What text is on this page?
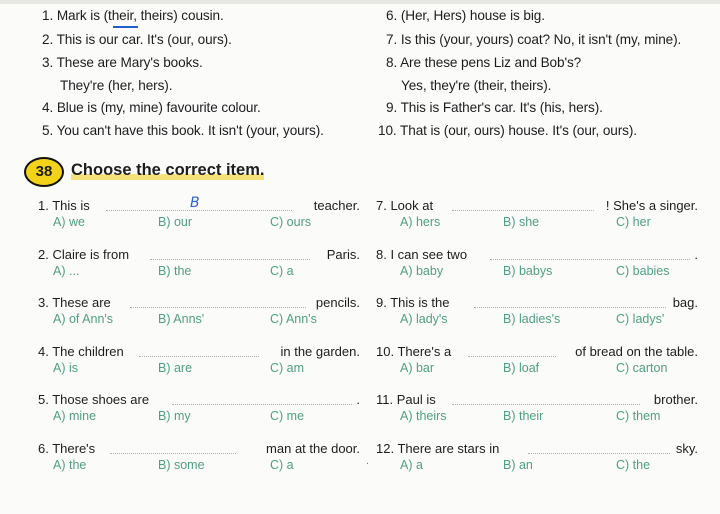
1. Mark is (their, theirs) cousin.
2. This is our car. It's (our, ours).
3. These are Mary's books.
They're (her, hers).
4. Blue is (my, mine) favourite colour.
5. You can't have this book. It isn't (your, yours).
6. (Her, Hers) house is big.
7. Is this (your, yours) coat? No, it isn't (my, mine).
8. Are these pens Liz and Bob's?
Yes, they're (their, theirs).
9. This is Father's car. It's (his, hers).
10. That is (our, ours) house. It's (our, ours).
38	Choose the correct item.
1. This is	B	teacher.
A) we	B) our	C) ours
2. Claire is from	Paris.
A) ...	B) the	C) a
3. These are	pencils.
A) of Ann's	B) Anns'	C) Ann's
4. The children	in the garden.
A) is	B) are	C) am
5. Those shoes are	.
A) mine	B) my	C) me
6. There's	man at the door.
A) the	B) some	C) a	.
7. Look at	! She's a singer.
A) hers	B) she	C) her
8. I can see two	.
A) baby	B) babys	C) babies
9. This is the	bag.
A) lady's	B) ladies's	C) ladys'
10. There's a	of bread on the table.
A) bar	B) loaf	C) carton
11. Paul is	brother.
A) theirs	B) their	C) them
12. There are stars in	sky.
A) a	B) an	C) the
